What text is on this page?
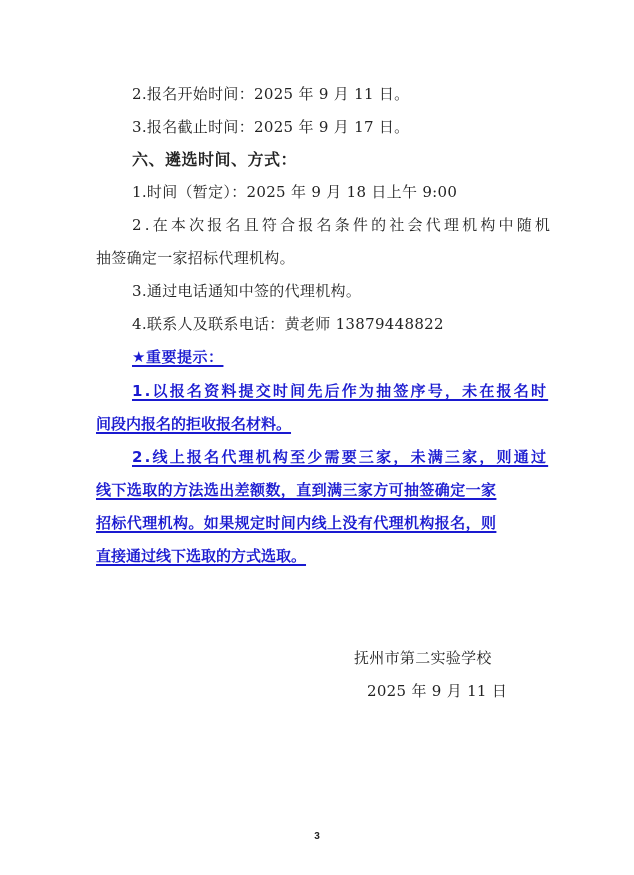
2.报名开始时间：2025 年 9 月 11 日。
3.报名截止时间：2025 年 9 月 17 日。
六、遴选时间、方式：
1.时间（暂定）：2025 年 9 月 18 日上午 9:00
2.在本次报名且符合报名条件的社会代理机构中随机
抽签确定一家招标代理机构。
3.通过电话通知中签的代理机构。
4.联系人及联系电话：黄老师 13879448822
★重要提示：
1.以报名资料提交时间先后作为抽签序号，未在报名时
间段内报名的拒收报名材料。
2.线上报名代理机构至少需要三家，未满三家，则通过
线下选取的方法选出差额数，直到满三家方可抽签确定一家
招标代理机构。如果规定时间内线上没有代理机构报名，则
直接通过线下选取的方式选取。
抚州市第二实验学校
2025 年 9 月 11 日
3
